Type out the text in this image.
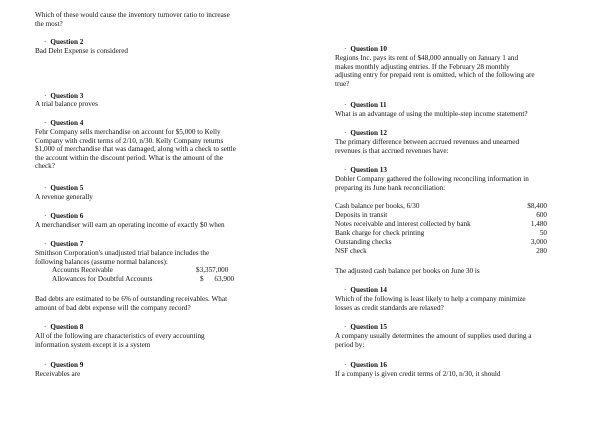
Which of these would cause the inventory turnover ratio to increase
the most?
· Question 2
Bad Debt Expense is considered
· Question 3
A trial balance proves
· Question 4
Fehr Company sells merchandise on account for $5,000 to Kelly
Company with credit terms of 2/10, n/30. Kelly Company returns
$1,000 of merchandise that was damaged, along with a check to settle
the account within the discount period. What is the amount of the
check?
· Question 5
A revenue generally
· Question 6
A merchandiser will earn an operating income of exactly $0 when
· Question 7
Smithson Corporation's unadjusted trial balance includes the
following balances (assume normal balances):
Accounts Receivable	$3,357,000
Allowances for Doubtful Accounts	$      63,900
Bad debts are estimated to be 6% of outstanding receivables. What
amount of bad debt expense will the company record?
· Question 8
All of the following are characteristics of every accounting
information system except it is a system
· Question 9
Receivables are
· Question 10
Regions Inc. pays its rent of $48,000 annually on January 1 and
makes monthly adjusting entries. If the February 28 monthly
adjusting entry for prepaid rent is omitted, which of the following are
true?
· Question 11
What is an advantage of using the multiple-step income statement?
· Question 12
The primary difference between accrued revenues and unearned
revenues is that accrued revenues have:
· Question 13
Dobler Company gathered the following reconciling information in
preparing its June bank reconciliation:
Cash balance per books, 6/30	$8,400
Deposits in transit	600
Notes receivable and interest collected by bank	1,480
Bank charge for check printing	50
Outstanding checks	3,000
NSF check	280
The adjusted cash balance per books on June 30 is
· Question 14
Which of the following is least likely to help a company minimize
losses as credit standards are relaxed?
· Question 15
A company usually determines the amount of supplies used during a
period by:
· Question 16
If a company is given credit terms of 2/10, n/30, it should
